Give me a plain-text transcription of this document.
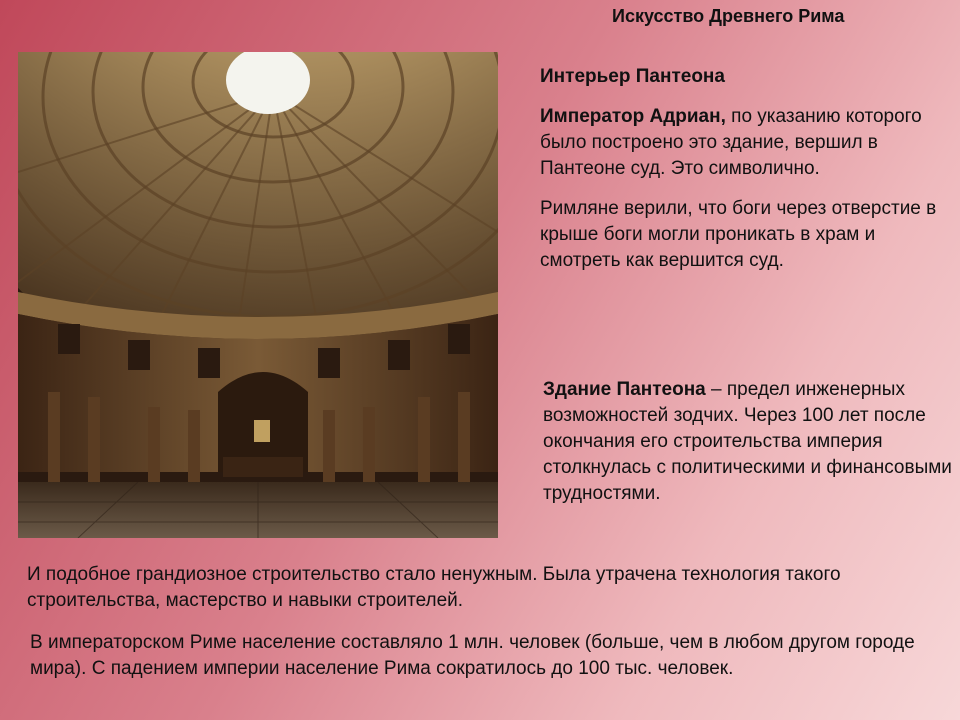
Искусство Древнего Рима

Интерьер Пантеона

Император Адриан, по указанию которого было построено это здание, вершил в Пантеоне суд. Это символично.

Римляне верили, что боги через отверстие в крыше боги могли проникать в храм и смотреть как вершится суд.

Здание Пантеона – предел инженерных возможностей зодчих. Через 100 лет после окончания его строительства империя столкнулась с политическими и финансовыми трудностями.

И подобное грандиозное строительство стало ненужным. Была утрачена технология такого строительства, мастерство и навыки строителей.
В императорском Риме население составляло 1 млн. человек (больше, чем в любом другом городе мира). С падением империи население Рима сократилось до 100 тыс. человек.
